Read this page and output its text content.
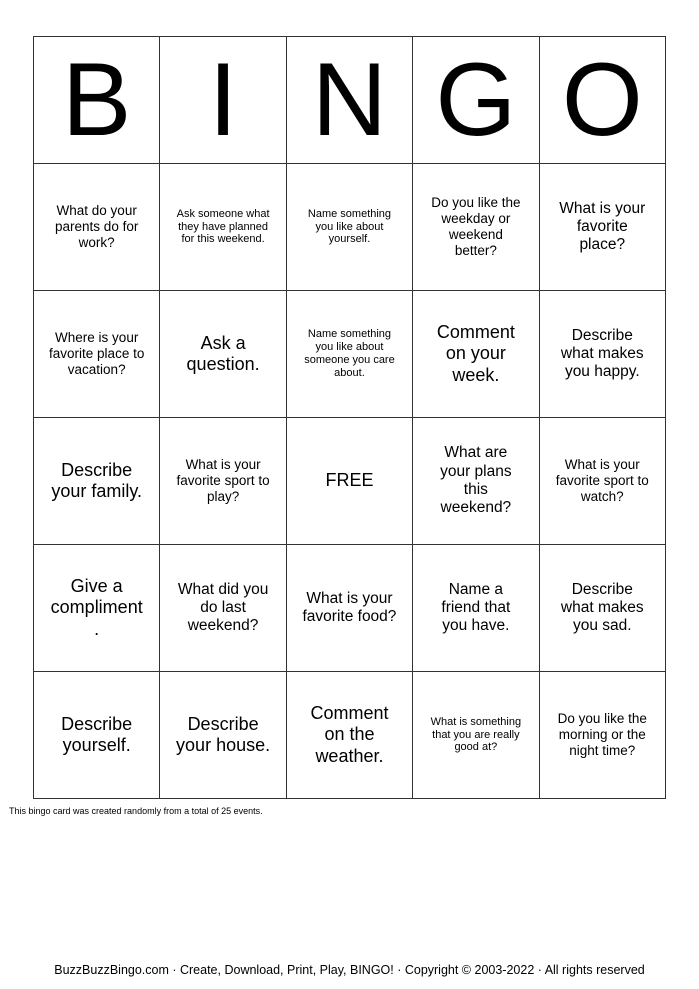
B	I	N	G	O
What do your parents do for work?	Ask someone what they have planned for this weekend.	Name something you like about yourself.	Do you like the weekday or weekend better?	What is your favorite place?
Where is your favorite place to vacation?	Ask a question.	Name something you like about someone you care about.	Comment on your week.	Describe what makes you happy.
Describe your family.	What is your favorite sport to play?	FREE	What are your plans this weekend?	What is your favorite sport to watch?
Give a compliment.	What did you do last weekend?	What is your favorite food?	Name a friend that you have.	Describe what makes you sad.
Describe yourself.	Describe your house.	Comment on the weather.	What is something that you are really good at?	Do you like the morning or the night time?
This bingo card was created randomly from a total of 25 events.
BuzzBuzzBingo.com · Create, Download, Print, Play, BINGO! · Copyright © 2003-2022 · All rights reserved
